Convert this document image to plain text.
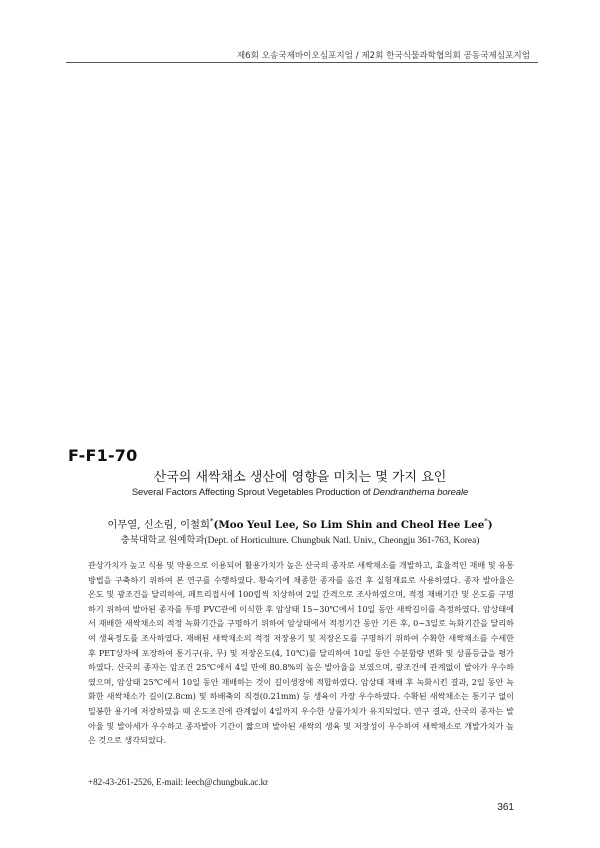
제6회 오송국제바이오심포지엄 / 제2회 한국식물과학협의회 공동국제심포지엄
F-F1-70
산국의 새싹채소 생산에 영향을 미치는 몇 가지 요인
Several Factors Affecting Sprout Vegetables Production of Dendranthema boreale
이무열, 신소림, 이철희*(Moo Yeul Lee, So Lim Shin and Cheol Hee Lee*)
충북대학교 원예학과(Dept. of Horticulture. Chungbuk Natl. Univ., Cheongju 361-763, Korea)

관상가치가 높고 식용 및 약용으로 이용되어 활용가치가 높은 산국의 종자로 새싹채소를 개발하고, 효율적인 재배 및 유통방법을 구축하기 위하여 본 연구를 수행하였다. 황숙기에 채종한 종자를 음건 후 실험재료로 사용하였다. 종자 발아율은 온도 및 광조건을 달리하여, 페트리접시에 100립씩 치상하여 2일 간격으로 조사하였으며, 적정 재배기간 및 온도를 구명하기 위하여 발아된 종자를 투명 PVC관에 이식한 후 암상태 15~30℃에서 10일 동안 새싹길이를 측정하였다. 암상태에서 재배한 새싹채소의 적정 녹화기간을 구명하기 위하여 암상태에서 적정기간 동안 기른 후, 0~3일로 녹화기간을 달리하여 생육정도를 조사하였다. 재배된 새싹채소의 적정 저장용기 및 저장온도를 구명하기 위하여 수확한 새싹채소를 수세한 후 PET상자에 포장하여 통기구(유, 무) 및 저장온도(4, 10℃)를 달리하여 10일 동안 수분함량 변화 및 상품등급을 평가하였다. 산국의 종자는 암조건 25℃에서 4일 만에 80.8%의 높은 발아율을 보였으며, 광조건에 관계없이 발아가 우수하였으며, 암상태 25℃에서 10일 동안 재배하는 것이 길이생장에 적합하였다. 암상태 재배 후 녹화시킨 결과, 2일 동안 녹화한 새싹채소가 길이(2.8cm) 및 하배축의 직경(0.21mm) 등 생육이 가장 우수하였다. 수확된 새싹채소는 통기구 없이 밀봉한 용기에 저장하였을 때 온도조건에 관계없이 4일까지 우수한 상품가치가 유지되었다. 연구 결과, 산국의 종자는 발아율 및 발아세가 우수하고 종자발아 기간이 짧으며 발아된 새싹의 생육 및 저장성이 우수하여 새싹채소로 개발가치가 높은 것으로 생각되었다.

+82-43-261-2526, E-mail: leech@chungbuk.ac.kr
361
